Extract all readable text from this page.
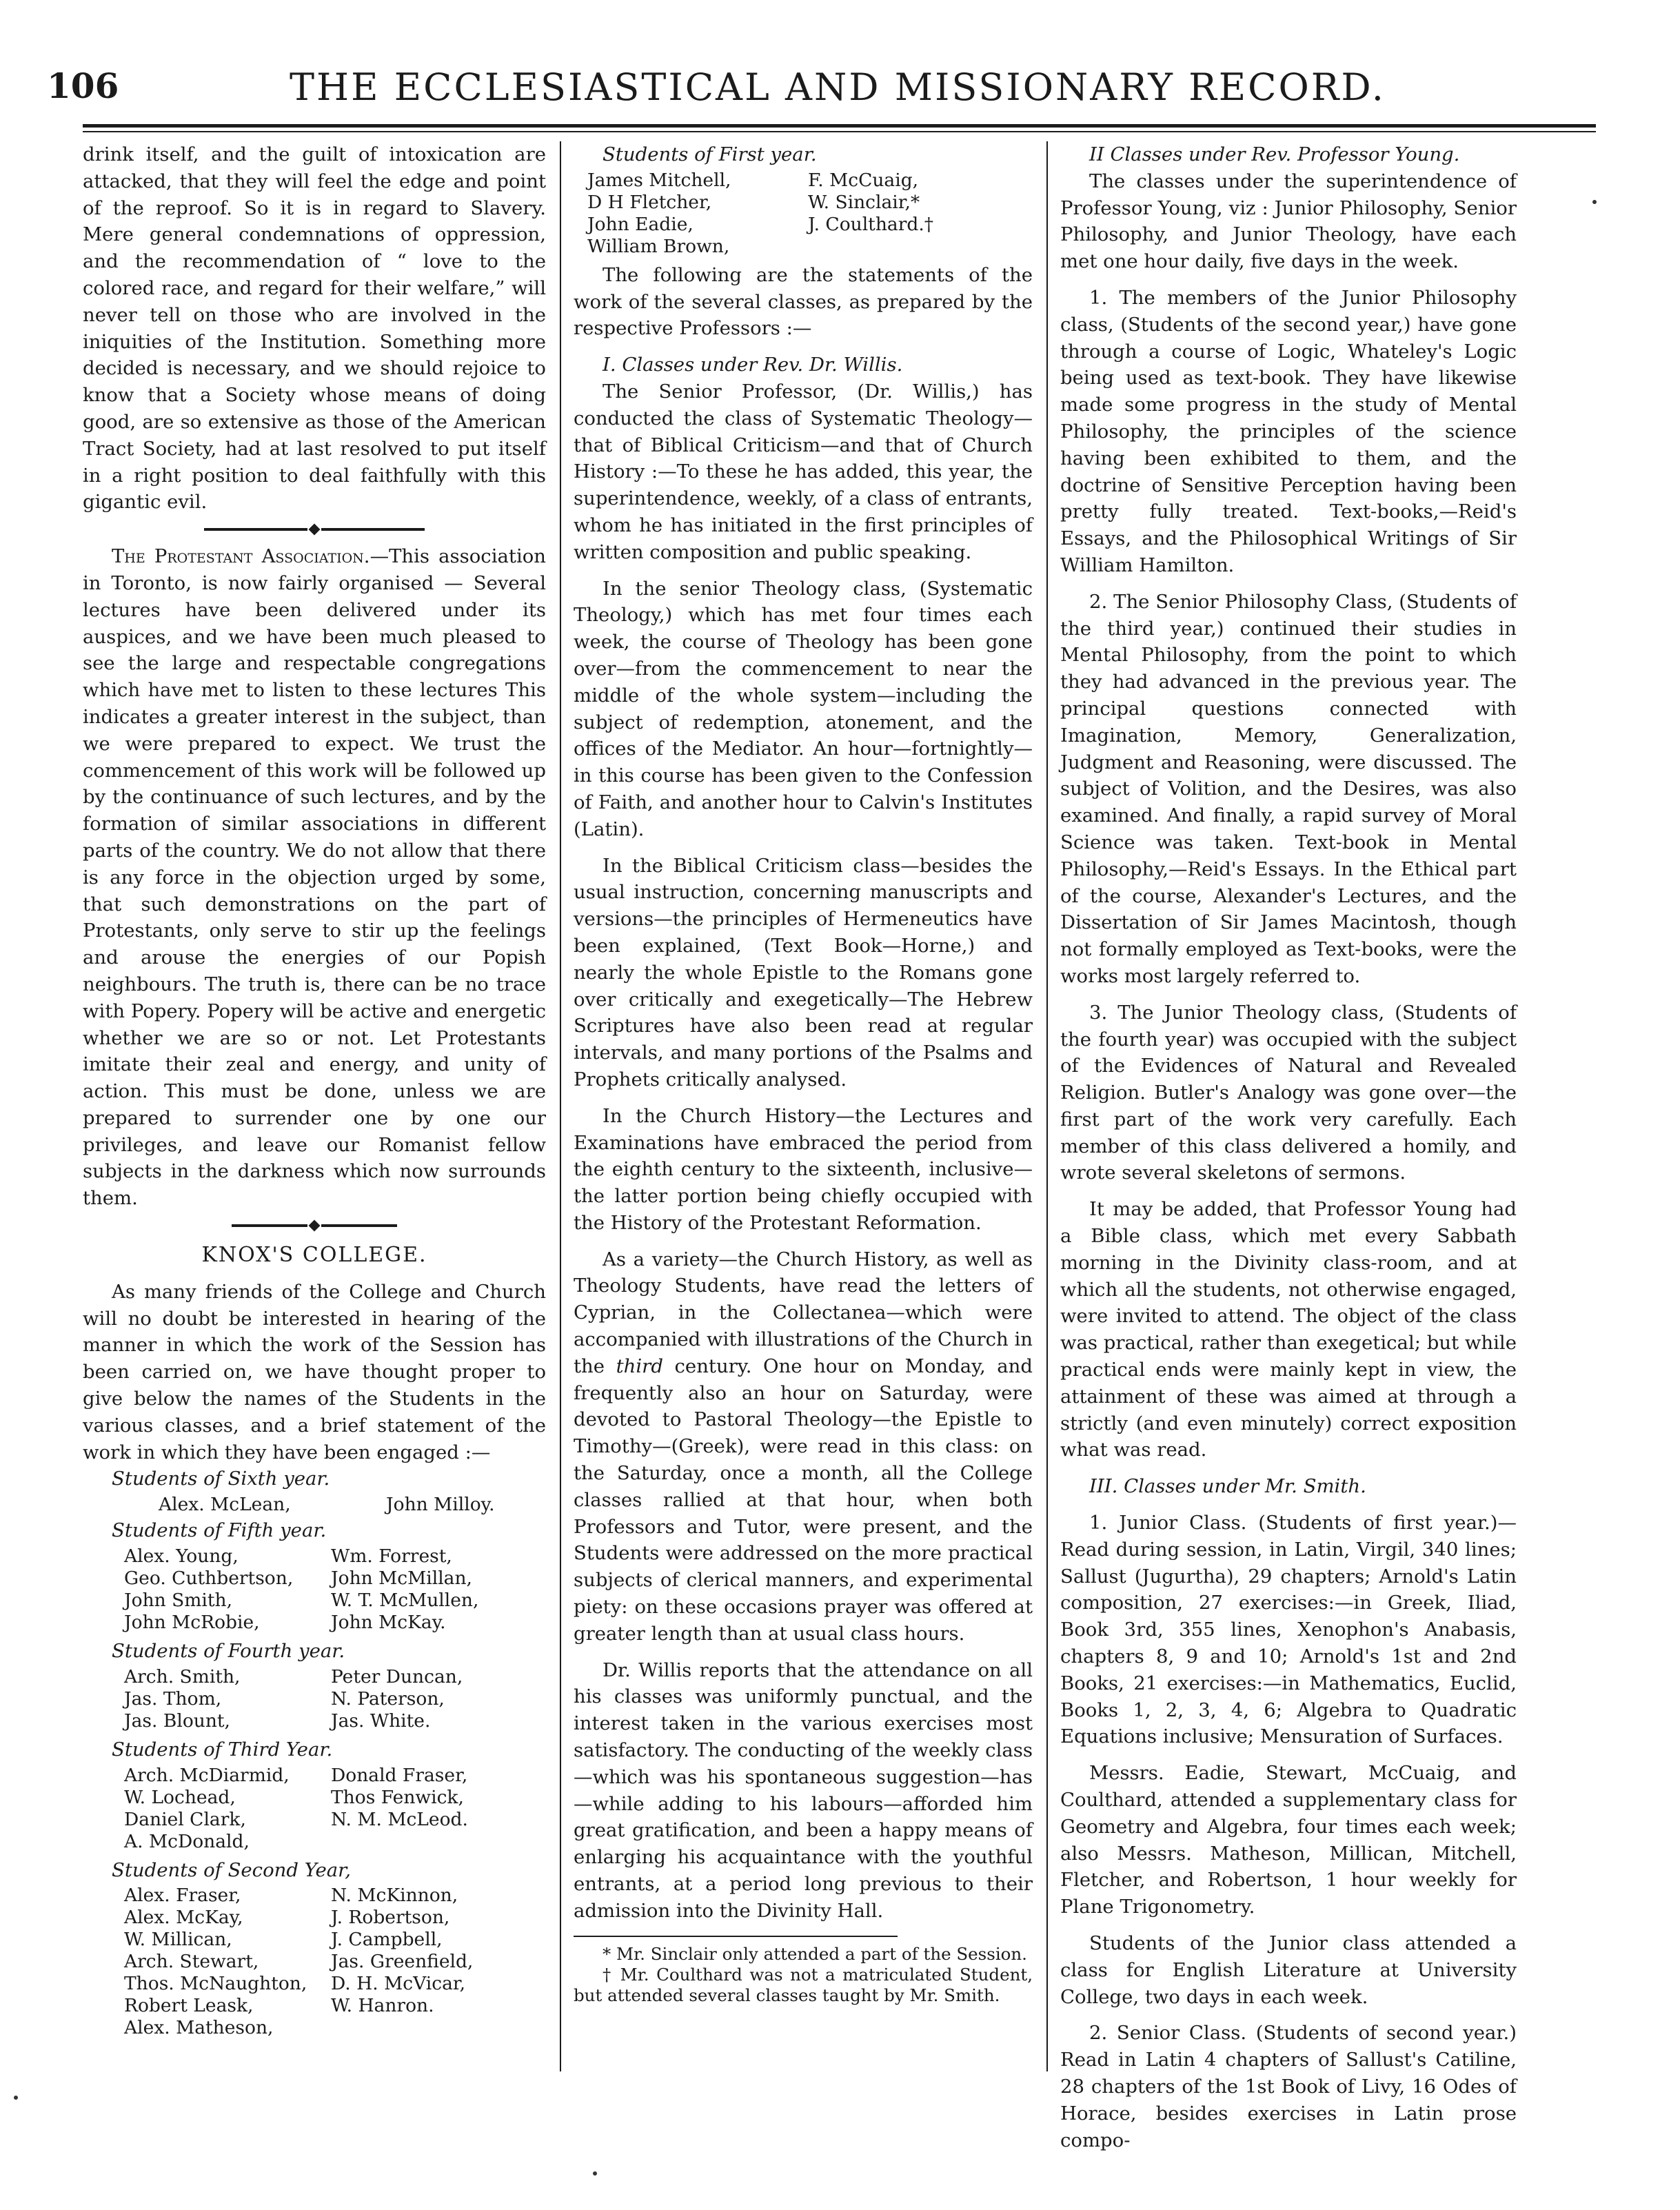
106	THE ECCLESIASTICAL AND MISSIONARY RECORD.

drink itself, and the guilt of intoxication are attacked, that they will feel the edge and point of the reproof. So it is in regard to Slavery. Mere general condemnations of oppression, and the recommendation of “ love to the colored race, and regard for their welfare,” will never tell on those who are involved in the iniquities of the Institution. Something more decided is necessary, and we should rejoice to know that a Society whose means of doing good, are so extensive as those of the American Tract Society, had at last resolved to put itself in a right position to deal faithfully with this gigantic evil.

The Protestant Association.—This association in Toronto, is now fairly organised — Several lectures have been delivered under its auspices, and we have been much pleased to see the large and respectable congregations which have met to listen to these lectures This indicates a greater interest in the subject, than we were prepared to expect. We trust the commencement of this work will be followed up by the continuance of such lectures, and by the formation of similar associations in different parts of the country. We do not allow that there is any force in the objection urged by some, that such demonstrations on the part of Protestants, only serve to stir up the feelings and arouse the energies of our Popish neighbours. The truth is, there can be no trace with Popery. Popery will be active and energetic whether we are so or not. Let Protestants imitate their zeal and energy, and unity of action. This must be done, unless we are prepared to surrender one by one our privileges, and leave our Romanist fellow subjects in the darkness which now surrounds them.

KNOX'S COLLEGE.

As many friends of the College and Church will no doubt be interested in hearing of the manner in which the work of the Session has been carried on, we have thought proper to give below the names of the Students in the various classes, and a brief statement of the work in which they have been engaged :—

Students of Sixth year.

Alex. McLean,	John Milloy.

Students of Fifth year.

Alex. Young,	Wm. Forrest,
Geo. Cuthbertson,	John McMillan,
John Smith,	W. T. McMullen,
John McRobie,	John McKay.

Students of Fourth year.

Arch. Smith,	Peter Duncan,
Jas. Thom,	N. Paterson,
Jas. Blount,	Jas. White.

Students of Third Year.

Arch. McDiarmid,	Donald Fraser,
W. Lochead,	Thos Fenwick,
Daniel Clark,	N. M. McLeod.
A. McDonald,

Students of Second Year,

Alex. Fraser,	N. McKinnon,
Alex. McKay,	J. Robertson,
W. Millican,	J. Campbell,
Arch. Stewart,	Jas. Greenfield,
Thos. McNaughton,	D. H. McVicar,
Robert Leask,	W. Hanron.
Alex. Matheson,

Students of First year.

James Mitchell,	F. McCuaig,
D H Fletcher,	W. Sinclair,*
John Eadie,	J. Coulthard.†
William Brown,

The following are the statements of the work of the several classes, as prepared by the respective Professors :—

I. Classes under Rev. Dr. Willis.

The Senior Professor, (Dr. Willis,) has conducted the class of Systematic Theology—that of Biblical Criticism—and that of Church History :—To these he has added, this year, the superintendence, weekly, of a class of entrants, whom he has initiated in the first principles of written composition and public speaking.

In the senior Theology class, (Systematic Theology,) which has met four times each week, the course of Theology has been gone over—from the commencement to near the middle of the whole system—including the subject of redemption, atonement, and the offices of the Mediator. An hour—fortnightly—in this course has been given to the Confession of Faith, and another hour to Calvin's Institutes (Latin).

In the Biblical Criticism class—besides the usual instruction, concerning manuscripts and versions—the principles of Hermeneutics have been explained, (Text Book—Horne,) and nearly the whole Epistle to the Romans gone over critically and exegetically—The Hebrew Scriptures have also been read at regular intervals, and many portions of the Psalms and Prophets critically analysed.

In the Church History—the Lectures and Examinations have embraced the period from the eighth century to the sixteenth, inclusive—the latter portion being chiefly occupied with the History of the Protestant Reformation.

As a variety—the Church History, as well as Theology Students, have read the letters of Cyprian, in the Collectanea—which were accompanied with illustrations of the Church in the third century. One hour on Monday, and frequently also an hour on Saturday, were devoted to Pastoral Theology—the Epistle to Timothy—(Greek), were read in this class: on the Saturday, once a month, all the College classes rallied at that hour, when both Professors and Tutor, were present, and the Students were addressed on the more practical subjects of clerical manners, and experimental piety: on these occasions prayer was offered at greater length than at usual class hours.

Dr. Willis reports that the attendance on all his classes was uniformly punctual, and the interest taken in the various exercises most satisfactory. The conducting of the weekly class—which was his spontaneous suggestion—has—while adding to his labours—afforded him great gratification, and been a happy means of enlarging his acquaintance with the youthful entrants, at a period long previous to their admission into the Divinity Hall.

* Mr. Sinclair only attended a part of the Session.

† Mr. Coulthard was not a matriculated Student, but attended several classes taught by Mr. Smith.

II Classes under Rev. Professor Young.

The classes under the superintendence of Professor Young, viz : Junior Philosophy, Senior Philosophy, and Junior Theology, have each met one hour daily, five days in the week.

1. The members of the Junior Philosophy class, (Students of the second year,) have gone through a course of Logic, Whateley's Logic being used as text-book. They have likewise made some progress in the study of Mental Philosophy, the principles of the science having been exhibited to them, and the doctrine of Sensitive Perception having been pretty fully treated. Text-books,—Reid's Essays, and the Philosophical Writings of Sir William Hamilton.

2. The Senior Philosophy Class, (Students of the third year,) continued their studies in Mental Philosophy, from the point to which they had advanced in the previous year. The principal questions connected with Imagination, Memory, Generalization, Judgment and Reasoning, were discussed. The subject of Volition, and the Desires, was also examined. And finally, a rapid survey of Moral Science was taken. Text-book in Mental Philosophy,—Reid's Essays. In the Ethical part of the course, Alexander's Lectures, and the Dissertation of Sir James Macintosh, though not formally employed as Text-books, were the works most largely referred to.

3. The Junior Theology class, (Students of the fourth year) was occupied with the subject of the Evidences of Natural and Revealed Religion. Butler's Analogy was gone over—the first part of the work very carefully. Each member of this class delivered a homily, and wrote several skeletons of sermons.

It may be added, that Professor Young had a Bible class, which met every Sabbath morning in the Divinity class-room, and at which all the students, not otherwise engaged, were invited to attend. The object of the class was practical, rather than exegetical; but while practical ends were mainly kept in view, the attainment of these was aimed at through a strictly (and even minutely) correct exposition what was read.

III. Classes under Mr. Smith.

1. Junior Class. (Students of first year.)—Read during session, in Latin, Virgil, 340 lines; Sallust (Jugurtha), 29 chapters; Arnold's Latin composition, 27 exercises:—in Greek, Iliad, Book 3rd, 355 lines, Xenophon's Anabasis, chapters 8, 9 and 10; Arnold's 1st and 2nd Books, 21 exercises:—in Mathematics, Euclid, Books 1, 2, 3, 4, 6; Algebra to Quadratic Equations inclusive; Mensuration of Surfaces.

Messrs. Eadie, Stewart, McCuaig, and Coulthard, attended a supplementary class for Geometry and Algebra, four times each week; also Messrs. Matheson, Millican, Mitchell, Fletcher, and Robertson, 1 hour weekly for Plane Trigonometry.

Students of the Junior class attended a class for English Literature at University College, two days in each week.

2. Senior Class. (Students of second year.) Read in Latin 4 chapters of Sallust's Catiline, 28 chapters of the 1st Book of Livy, 16 Odes of Horace, besides exercises in Latin prose compo-
